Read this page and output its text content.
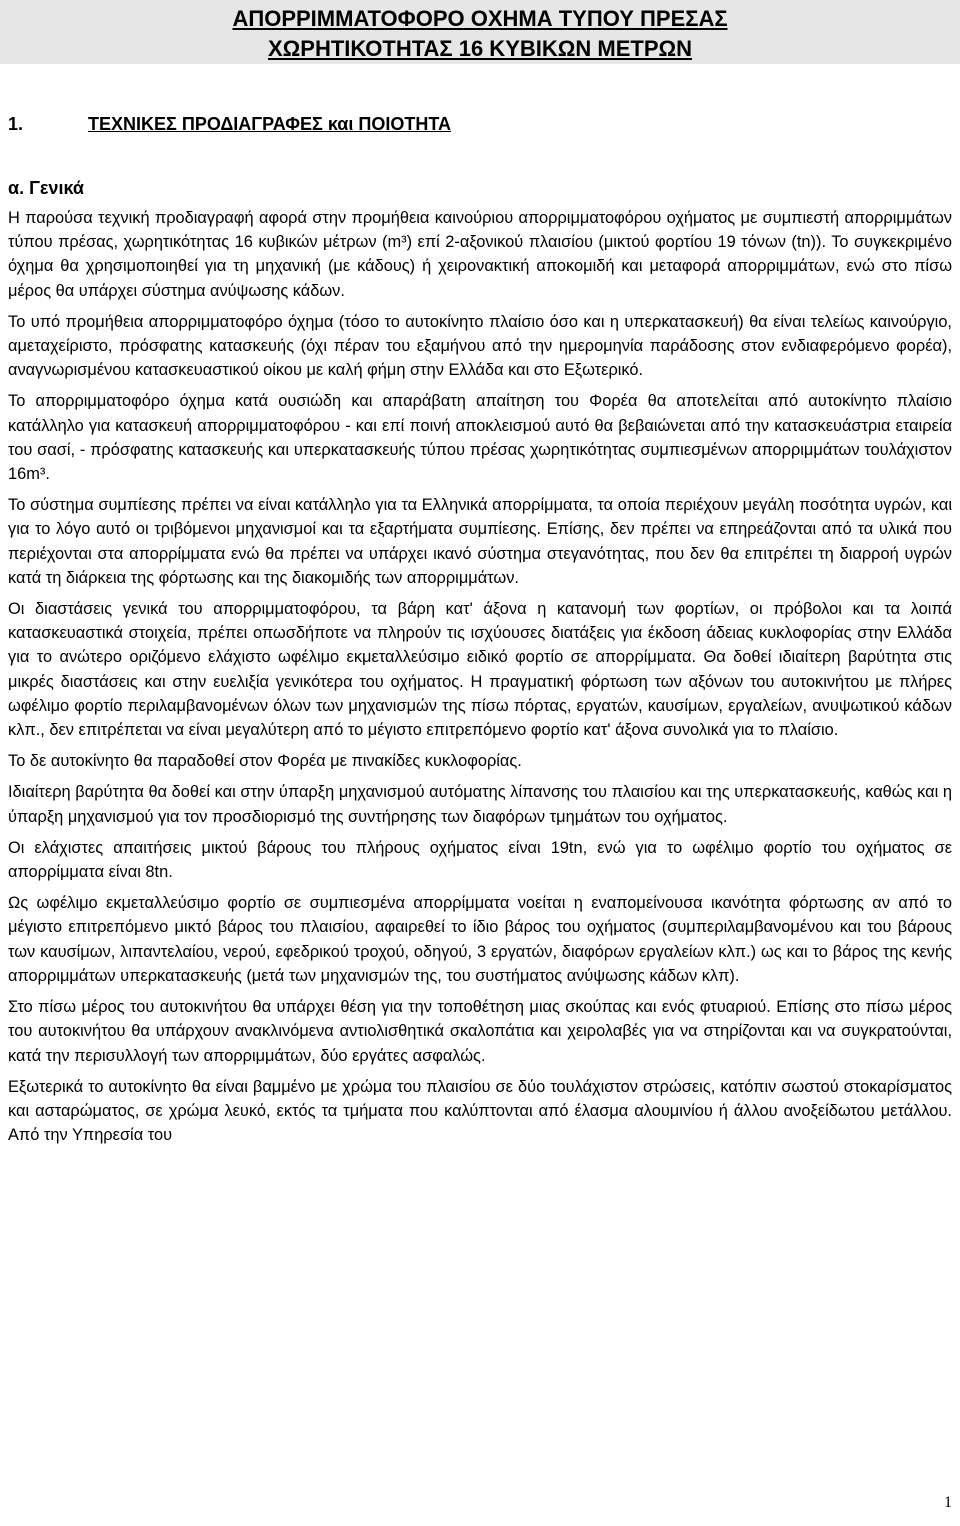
ΑΠΟΡΡΙΜΜΑΤΟΦΟΡΟ ΟΧΗΜΑ ΤΥΠΟΥ ΠΡΕΣΑΣ
ΧΩΡΗΤΙΚΟΤΗΤΑΣ 16 ΚΥΒΙΚΩΝ ΜΕΤΡΩΝ
1.	ΤΕΧΝΙΚΕΣ ΠΡΟΔΙΑΓΡΑΦΕΣ και ΠΟΙΟΤΗΤΑ
α. Γενικά

Η παρούσα τεχνική προδιαγραφή αφορά στην προμήθεια καινούριου απορριμματοφόρου οχήματος με συμπιεστή απορριμμάτων τύπου πρέσας, χωρητικότητας 16 κυβικών μέτρων (m³) επί 2-αξονικού πλαισίου (μικτού φορτίου 19 τόνων (tn)). Το συγκεκριμένο όχημα θα χρησιμοποιηθεί για τη μηχανική (με κάδους) ή χειρονακτική αποκομιδή και μεταφορά απορριμμάτων, ενώ στο πίσω μέρος θα υπάρχει σύστημα ανύψωσης κάδων.

Το υπό προμήθεια απορριμματοφόρο όχημα (τόσο το αυτοκίνητο πλαίσιο όσο και η υπερκατασκευή) θα είναι τελείως καινούργιο, αμεταχείριστο, πρόσφατης κατασκευής (όχι πέραν του εξαμήνου από την ημερομηνία παράδοσης στον ενδιαφερόμενο φορέα), αναγνωρισμένου κατασκευαστικού οίκου με καλή φήμη στην Ελλάδα και στο Εξωτερικό.

Το απορριμματοφόρο όχημα κατά ουσιώδη και απαράβατη απαίτηση του Φορέα θα αποτελείται από αυτοκίνητο πλαίσιο κατάλληλο για κατασκευή απορριμματοφόρου - και επί ποινή αποκλεισμού αυτό θα βεβαιώνεται από την κατασκευάστρια εταιρεία του σασί, - πρόσφατης κατασκευής και υπερκατασκευής τύπου πρέσας χωρητικότητας συμπιεσμένων απορριμμάτων τουλάχιστον 16m³.

Το σύστημα συμπίεσης πρέπει να είναι κατάλληλο για τα Ελληνικά απορρίμματα, τα οποία περιέχουν μεγάλη ποσότητα υγρών, και για το λόγο αυτό οι τριβόμενοι μηχανισμοί και τα εξαρτήματα συμπίεσης. Επίσης, δεν πρέπει να επηρεάζονται από τα υλικά που περιέχονται στα απορρίμματα ενώ θα πρέπει να υπάρχει ικανό σύστημα στεγανότητας, που δεν θα επιτρέπει τη διαρροή υγρών κατά τη διάρκεια της φόρτωσης και της διακομιδής των απορριμμάτων.

Οι διαστάσεις γενικά του απορριμματοφόρου, τα βάρη κατ' άξονα η κατανομή των φορτίων, οι πρόβολοι και τα λοιπά κατασκευαστικά στοιχεία, πρέπει οπωσδήποτε να πληρούν τις ισχύουσες διατάξεις για έκδοση άδειας κυκλοφορίας στην Ελλάδα για το ανώτερο οριζόμενο ελάχιστο ωφέλιμο εκμεταλλεύσιμο ειδικό φορτίο σε απορρίμματα. Θα δοθεί ιδιαίτερη βαρύτητα στις μικρές διαστάσεις και στην ευελιξία γενικότερα του οχήματος. Η πραγματική φόρτωση των αξόνων του αυτοκινήτου με πλήρες ωφέλιμο φορτίο περιλαμβανομένων όλων των μηχανισμών της πίσω πόρτας, εργατών, καυσίμων, εργαλείων, ανυψωτικού κάδων κλπ., δεν επιτρέπεται να είναι μεγαλύτερη από το μέγιστο επιτρεπόμενο φορτίο κατ' άξονα συνολικά για το πλαίσιο.

Το δε αυτοκίνητο θα παραδοθεί στον Φορέα με πινακίδες κυκλοφορίας.

Ιδιαίτερη βαρύτητα θα δοθεί και στην ύπαρξη μηχανισμού αυτόματης λίπανσης του πλαισίου και της υπερκατασκευής, καθώς και η ύπαρξη μηχανισμού για τον προσδιορισμό της συντήρησης των διαφόρων τμημάτων του οχήματος.

Οι ελάχιστες απαιτήσεις μικτού βάρους του πλήρους οχήματος είναι 19tn, ενώ για το ωφέλιμο φορτίο του οχήματος σε απορρίμματα είναι 8tn.

Ως ωφέλιμο εκμεταλλεύσιμο φορτίο σε συμπιεσμένα απορρίμματα νοείται η εναπομείνουσα ικανότητα φόρτωσης αν από το μέγιστο επιτρεπόμενο μικτό βάρος του πλαισίου, αφαιρεθεί το ίδιο βάρος του οχήματος (συμπεριλαμβανομένου και του βάρους των καυσίμων, λιπαντελαίου, νερού, εφεδρικού τροχού, οδηγού, 3 εργατών, διαφόρων εργαλείων κλπ.) ως και το βάρος της κενής απορριμμάτων υπερκατασκευής (μετά των μηχανισμών της, του συστήματος ανύψωσης κάδων κλπ).

Στο πίσω μέρος του αυτοκινήτου θα υπάρχει θέση για την τοποθέτηση μιας σκούπας και ενός φτυαριού. Επίσης στο πίσω μέρος του αυτοκινήτου θα υπάρχουν ανακλινόμενα αντιολισθητικά σκαλοπάτια και χειρολαβές για να στηρίζονται και να συγκρατούνται, κατά την περισυλλογή των απορριμμάτων, δύο εργάτες ασφαλώς.

Εξωτερικά το αυτοκίνητο θα είναι βαμμένο με χρώμα του πλαισίου σε δύο τουλάχιστον στρώσεις, κατόπιν σωστού στοκαρίσματος και ασταρώματος, σε χρώμα λευκό, εκτός τα τμήματα που καλύπτονται από έλασμα αλουμινίου ή άλλου ανοξείδωτου μετάλλου. Από την Υπηρεσία του

1
